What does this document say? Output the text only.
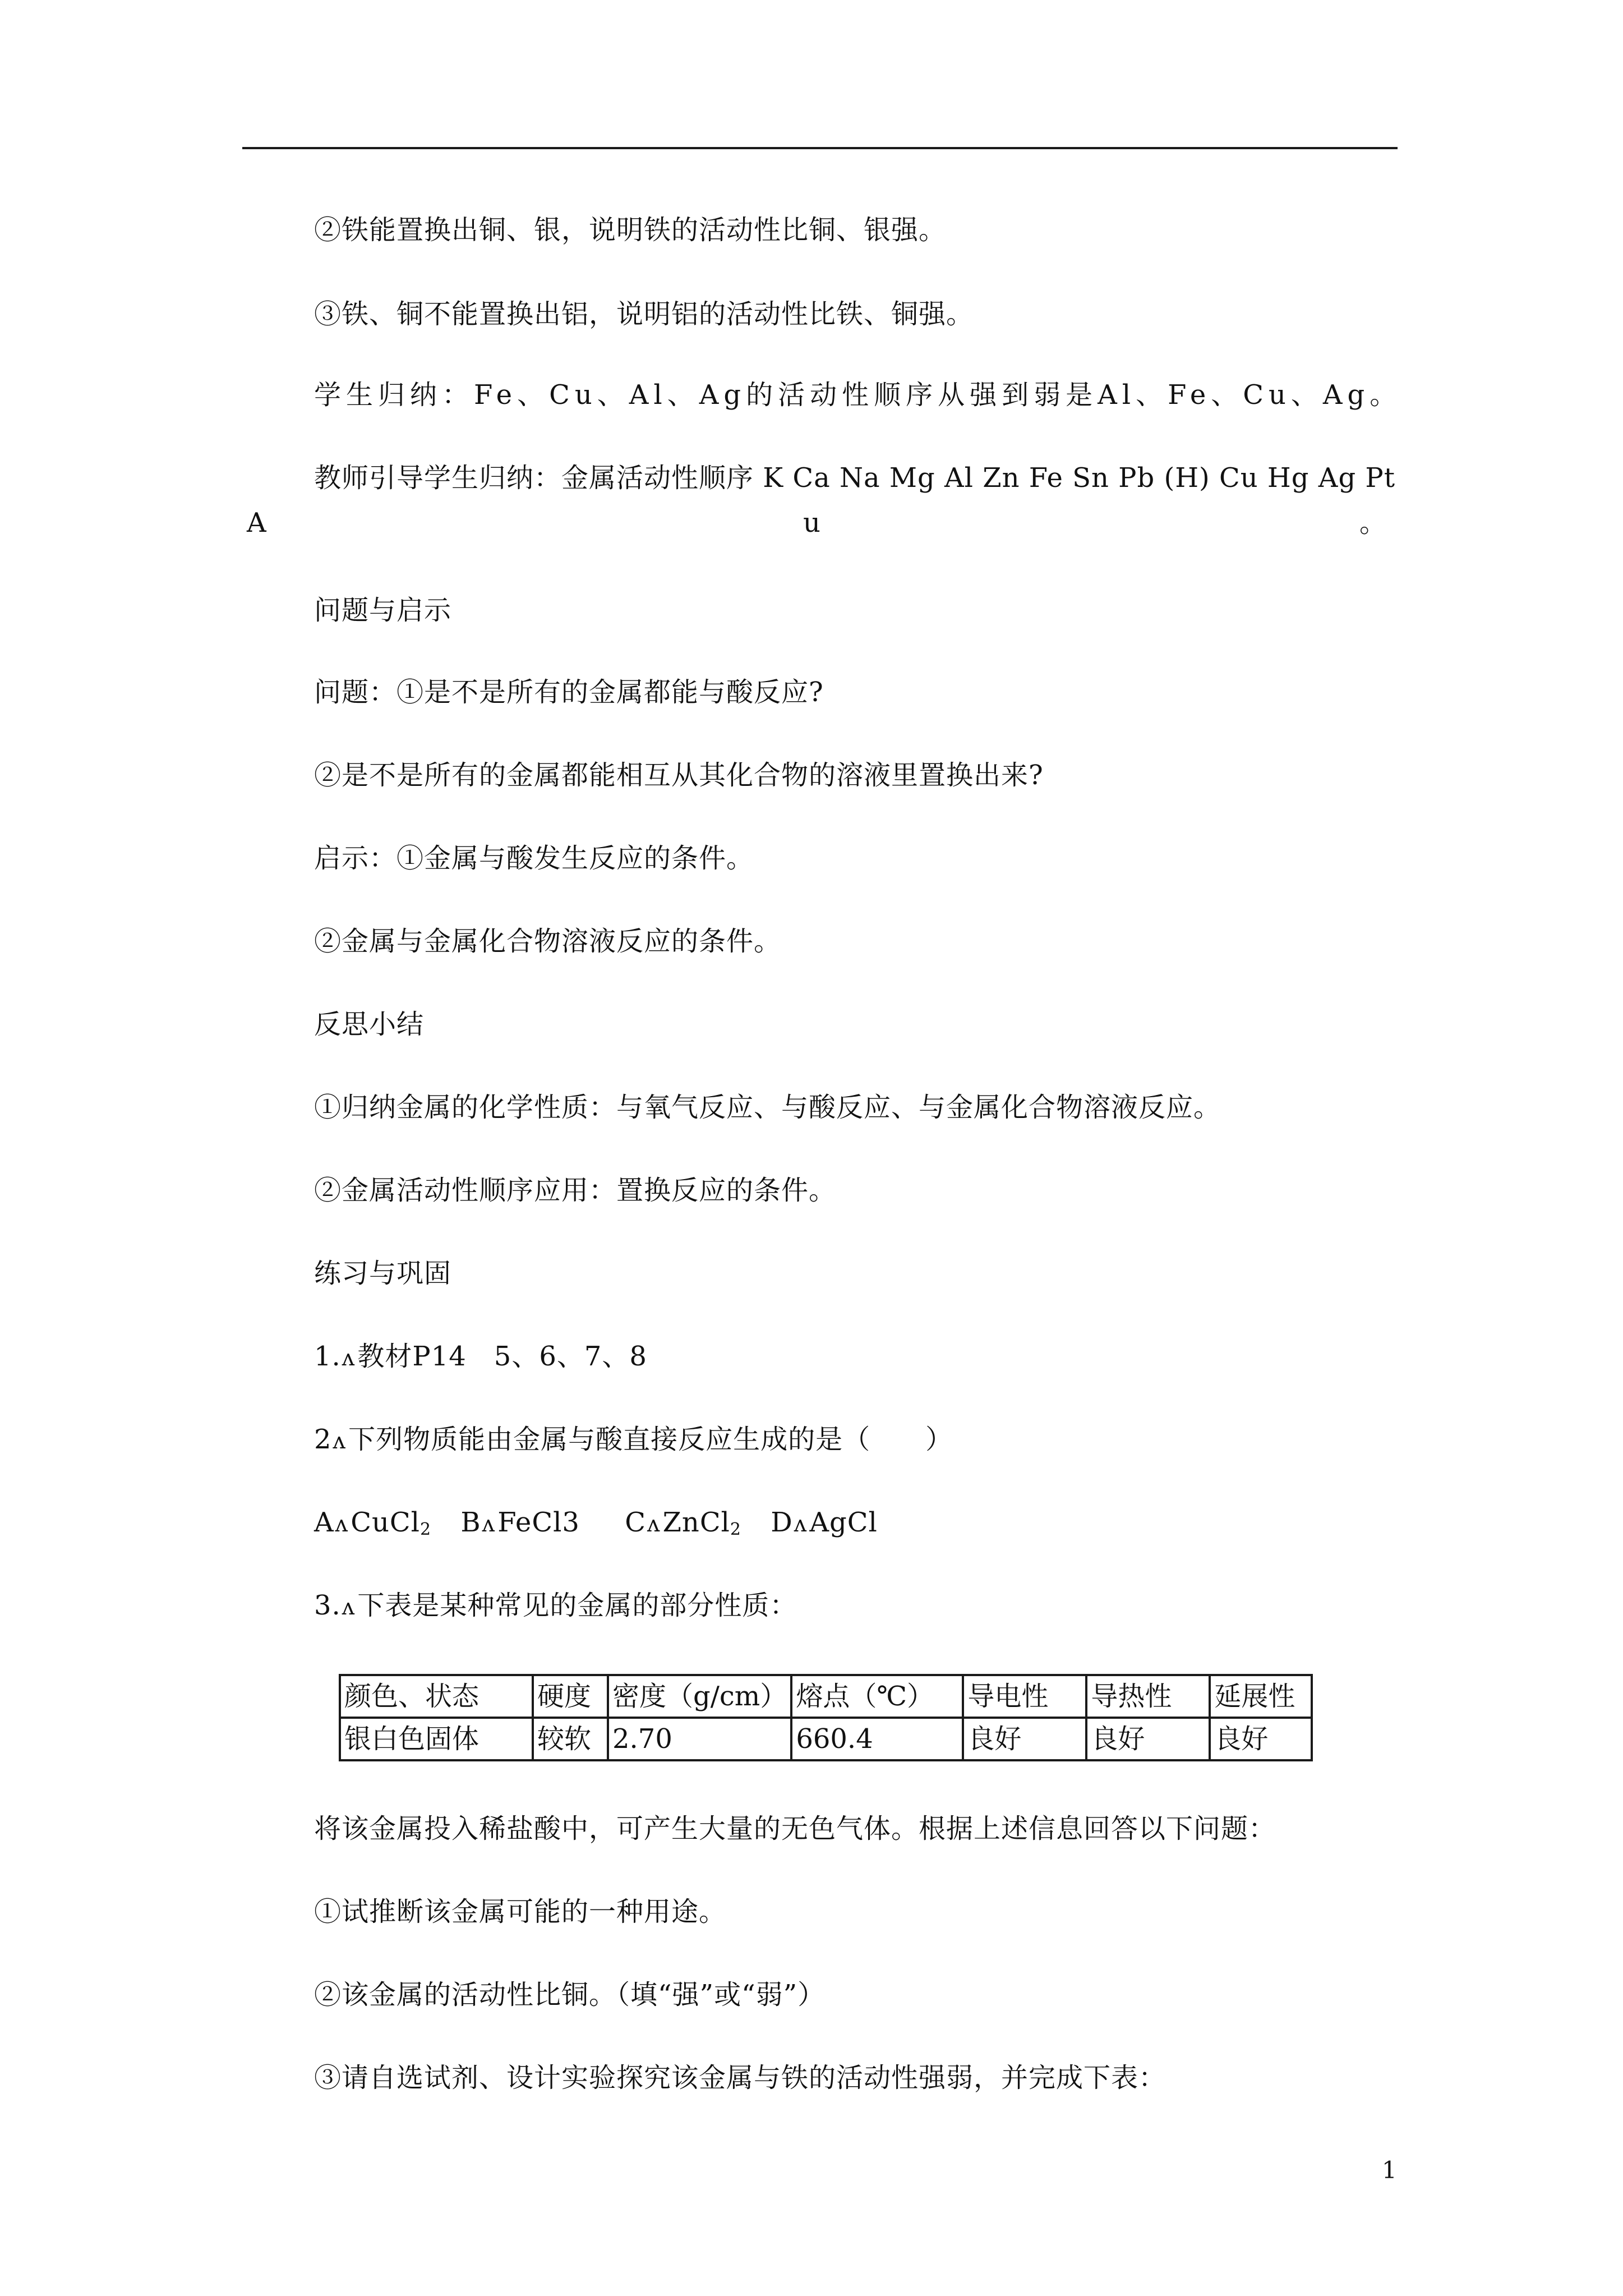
②铁能置换出铜、银，说明铁的活动性比铜、银强。
③铁、铜不能置换出铝，说明铝的活动性比铁、铜强。
学生归纳：Fe、Cu、Al、Ag的活动性顺序从强到弱是Al、Fe、Cu、Ag。
教师引导学生归纳：金属活动性顺序 K Ca Na Mg Al Zn Fe Sn Pb (H) Cu Hg Ag Pt
A	u	。
问题与启示
问题：①是不是所有的金属都能与酸反应?
②是不是所有的金属都能相互从其化合物的溶液里置换出来?
启示：①金属与酸发生反应的条件。
②金属与金属化合物溶液反应的条件。
反思小结
①归纳金属的化学性质：与氧气反应、与酸反应、与金属化合物溶液反应。
②金属活动性顺序应用：置换反应的条件。
练习与巩固
1.ʌ教材P14　5、6、7、8
2ʌ下列物质能由金属与酸直接反应生成的是（　　）
AʌCuCl$_2$ BʌFeCl3 CʌZnCl$_2$ DʌAgCl
3.ʌ下表是某种常见的金属的部分性质：
颜色、状态	硬度	密度（g/cm）	熔点（℃）	导电性	导热性	延展性
银白色固体	较软	2.70	660.4	良好	良好	良好
将该金属投入稀盐酸中，可产生大量的无色气体。根据上述信息回答以下问题：
①试推断该金属可能的一种用途。
②该金属的活动性比铜。（填“强”或“弱”）
③请自选试剂、设计实验探究该金属与铁的活动性强弱，并完成下表：
1
